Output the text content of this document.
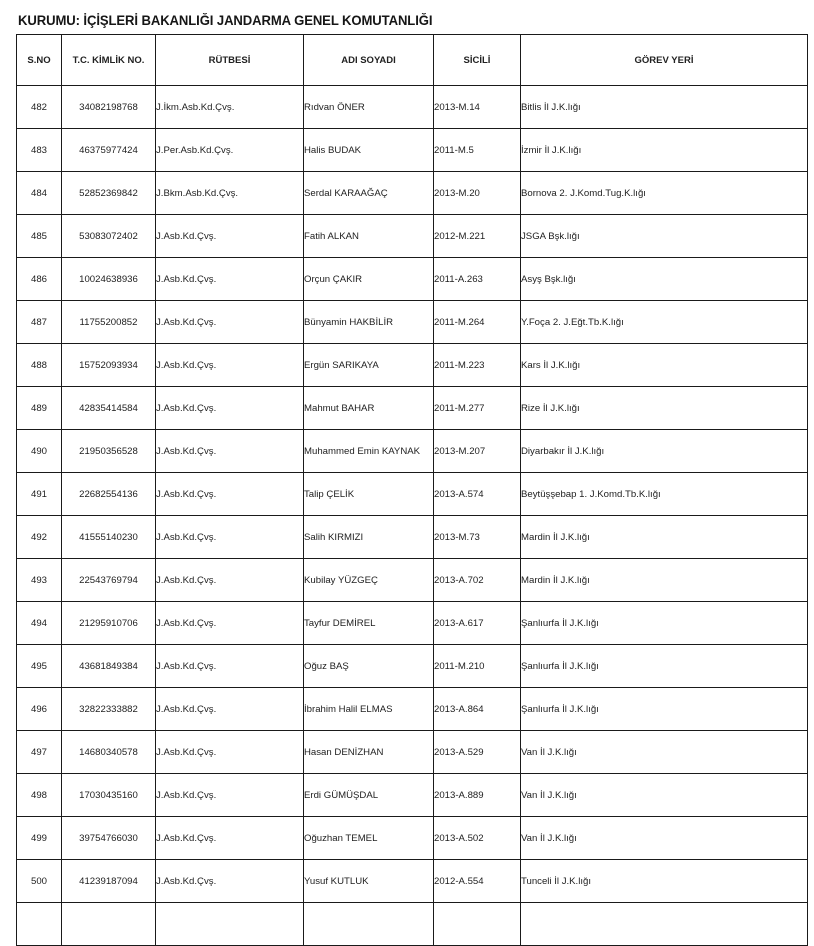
KURUMU: İÇİŞLERİ BAKANLIĞI JANDARMA GENEL KOMUTANLIĞI
S.NO	T.C. KİMLİK NO.	RÜTBESİ	ADI SOYADI	SİCİLİ	GÖREV YERİ
482	34082198768	J.İkm.Asb.Kd.Çvş.	Rıdvan ÖNER	2013-M.14	Bitlis İl J.K.lığı
483	46375977424	J.Per.Asb.Kd.Çvş.	Halis BUDAK	2011-M.5	İzmir İl J.K.lığı
484	52852369842	J.Bkm.Asb.Kd.Çvş.	Serdal KARAAĞAÇ	2013-M.20	Bornova 2. J.Komd.Tug.K.lığı
485	53083072402	J.Asb.Kd.Çvş.	Fatih ALKAN	2012-M.221	JSGA Bşk.lığı
486	10024638936	J.Asb.Kd.Çvş.	Orçun ÇAKIR	2011-A.263	Asyş Bşk.lığı
487	11755200852	J.Asb.Kd.Çvş.	Bünyamin HAKBİLİR	2011-M.264	Y.Foça 2. J.Eğt.Tb.K.lığı
488	15752093934	J.Asb.Kd.Çvş.	Ergün SARIKAYA	2011-M.223	Kars İl J.K.lığı
489	42835414584	J.Asb.Kd.Çvş.	Mahmut BAHAR	2011-M.277	Rize İl J.K.lığı
490	21950356528	J.Asb.Kd.Çvş.	Muhammed Emin KAYNAK	2013-M.207	Diyarbakır İl J.K.lığı
491	22682554136	J.Asb.Kd.Çvş.	Talip ÇELİK	2013-A.574	Beytüşşebap 1. J.Komd.Tb.K.lığı
492	41555140230	J.Asb.Kd.Çvş.	Salih KIRMIZI	2013-M.73	Mardin İl J.K.lığı
493	22543769794	J.Asb.Kd.Çvş.	Kubilay YÜZGEÇ	2013-A.702	Mardin İl J.K.lığı
494	21295910706	J.Asb.Kd.Çvş.	Tayfur DEMİREL	2013-A.617	Şanlıurfa İl J.K.lığı
495	43681849384	J.Asb.Kd.Çvş.	Oğuz BAŞ	2011-M.210	Şanlıurfa İl J.K.lığı
496	32822333882	J.Asb.Kd.Çvş.	İbrahim Halil ELMAS	2013-A.864	Şanlıurfa İl J.K.lığı
497	14680340578	J.Asb.Kd.Çvş.	Hasan DENİZHAN	2013-A.529	Van İl J.K.lığı
498	17030435160	J.Asb.Kd.Çvş.	Erdi GÜMÜŞDAL	2013-A.889	Van İl J.K.lığı
499	39754766030	J.Asb.Kd.Çvş.	Oğuzhan TEMEL	2013-A.502	Van İl J.K.lığı
500	41239187094	J.Asb.Kd.Çvş.	Yusuf KUTLUK	2012-A.554	Tunceli İl J.K.lığı
